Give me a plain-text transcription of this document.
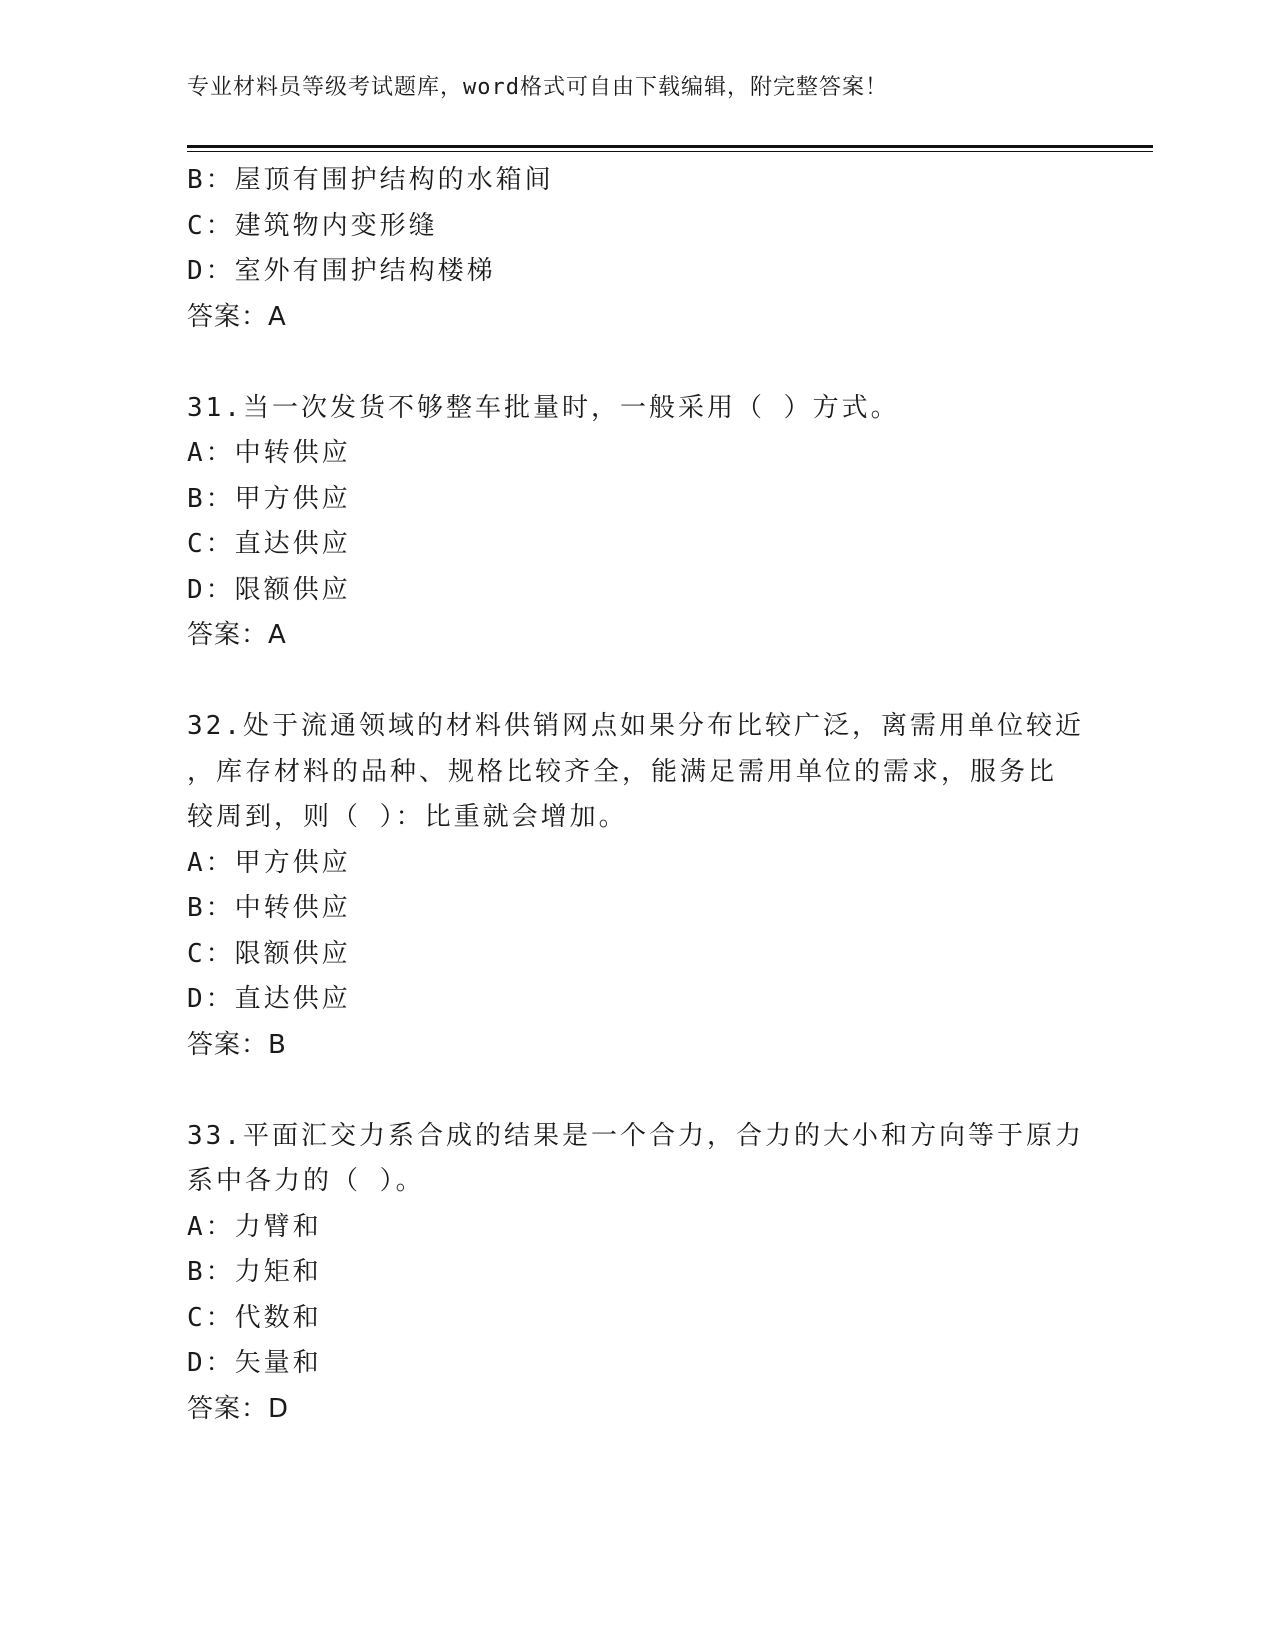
专业材料员等级考试题库，word格式可自由下载编辑，附完整答案！
B：屋顶有围护结构的水箱间
C：建筑物内变形缝
D：室外有围护结构楼梯
答案：A
31.当一次发货不够整车批量时，一般采用（ ）方式。
A：中转供应
B：甲方供应
C：直达供应
D：限额供应
答案：A
32.处于流通领域的材料供销网点如果分布比较广泛，离需用单位较近
，库存材料的品种、规格比较齐全，能满足需用单位的需求，服务比
较周到，则（ ）：比重就会增加。
A：甲方供应
B：中转供应
C：限额供应
D：直达供应
答案：B
33.平面汇交力系合成的结果是一个合力，合力的大小和方向等于原力
系中各力的（ ）。
A：力臂和
B：力矩和
C：代数和
D：矢量和
答案：D
